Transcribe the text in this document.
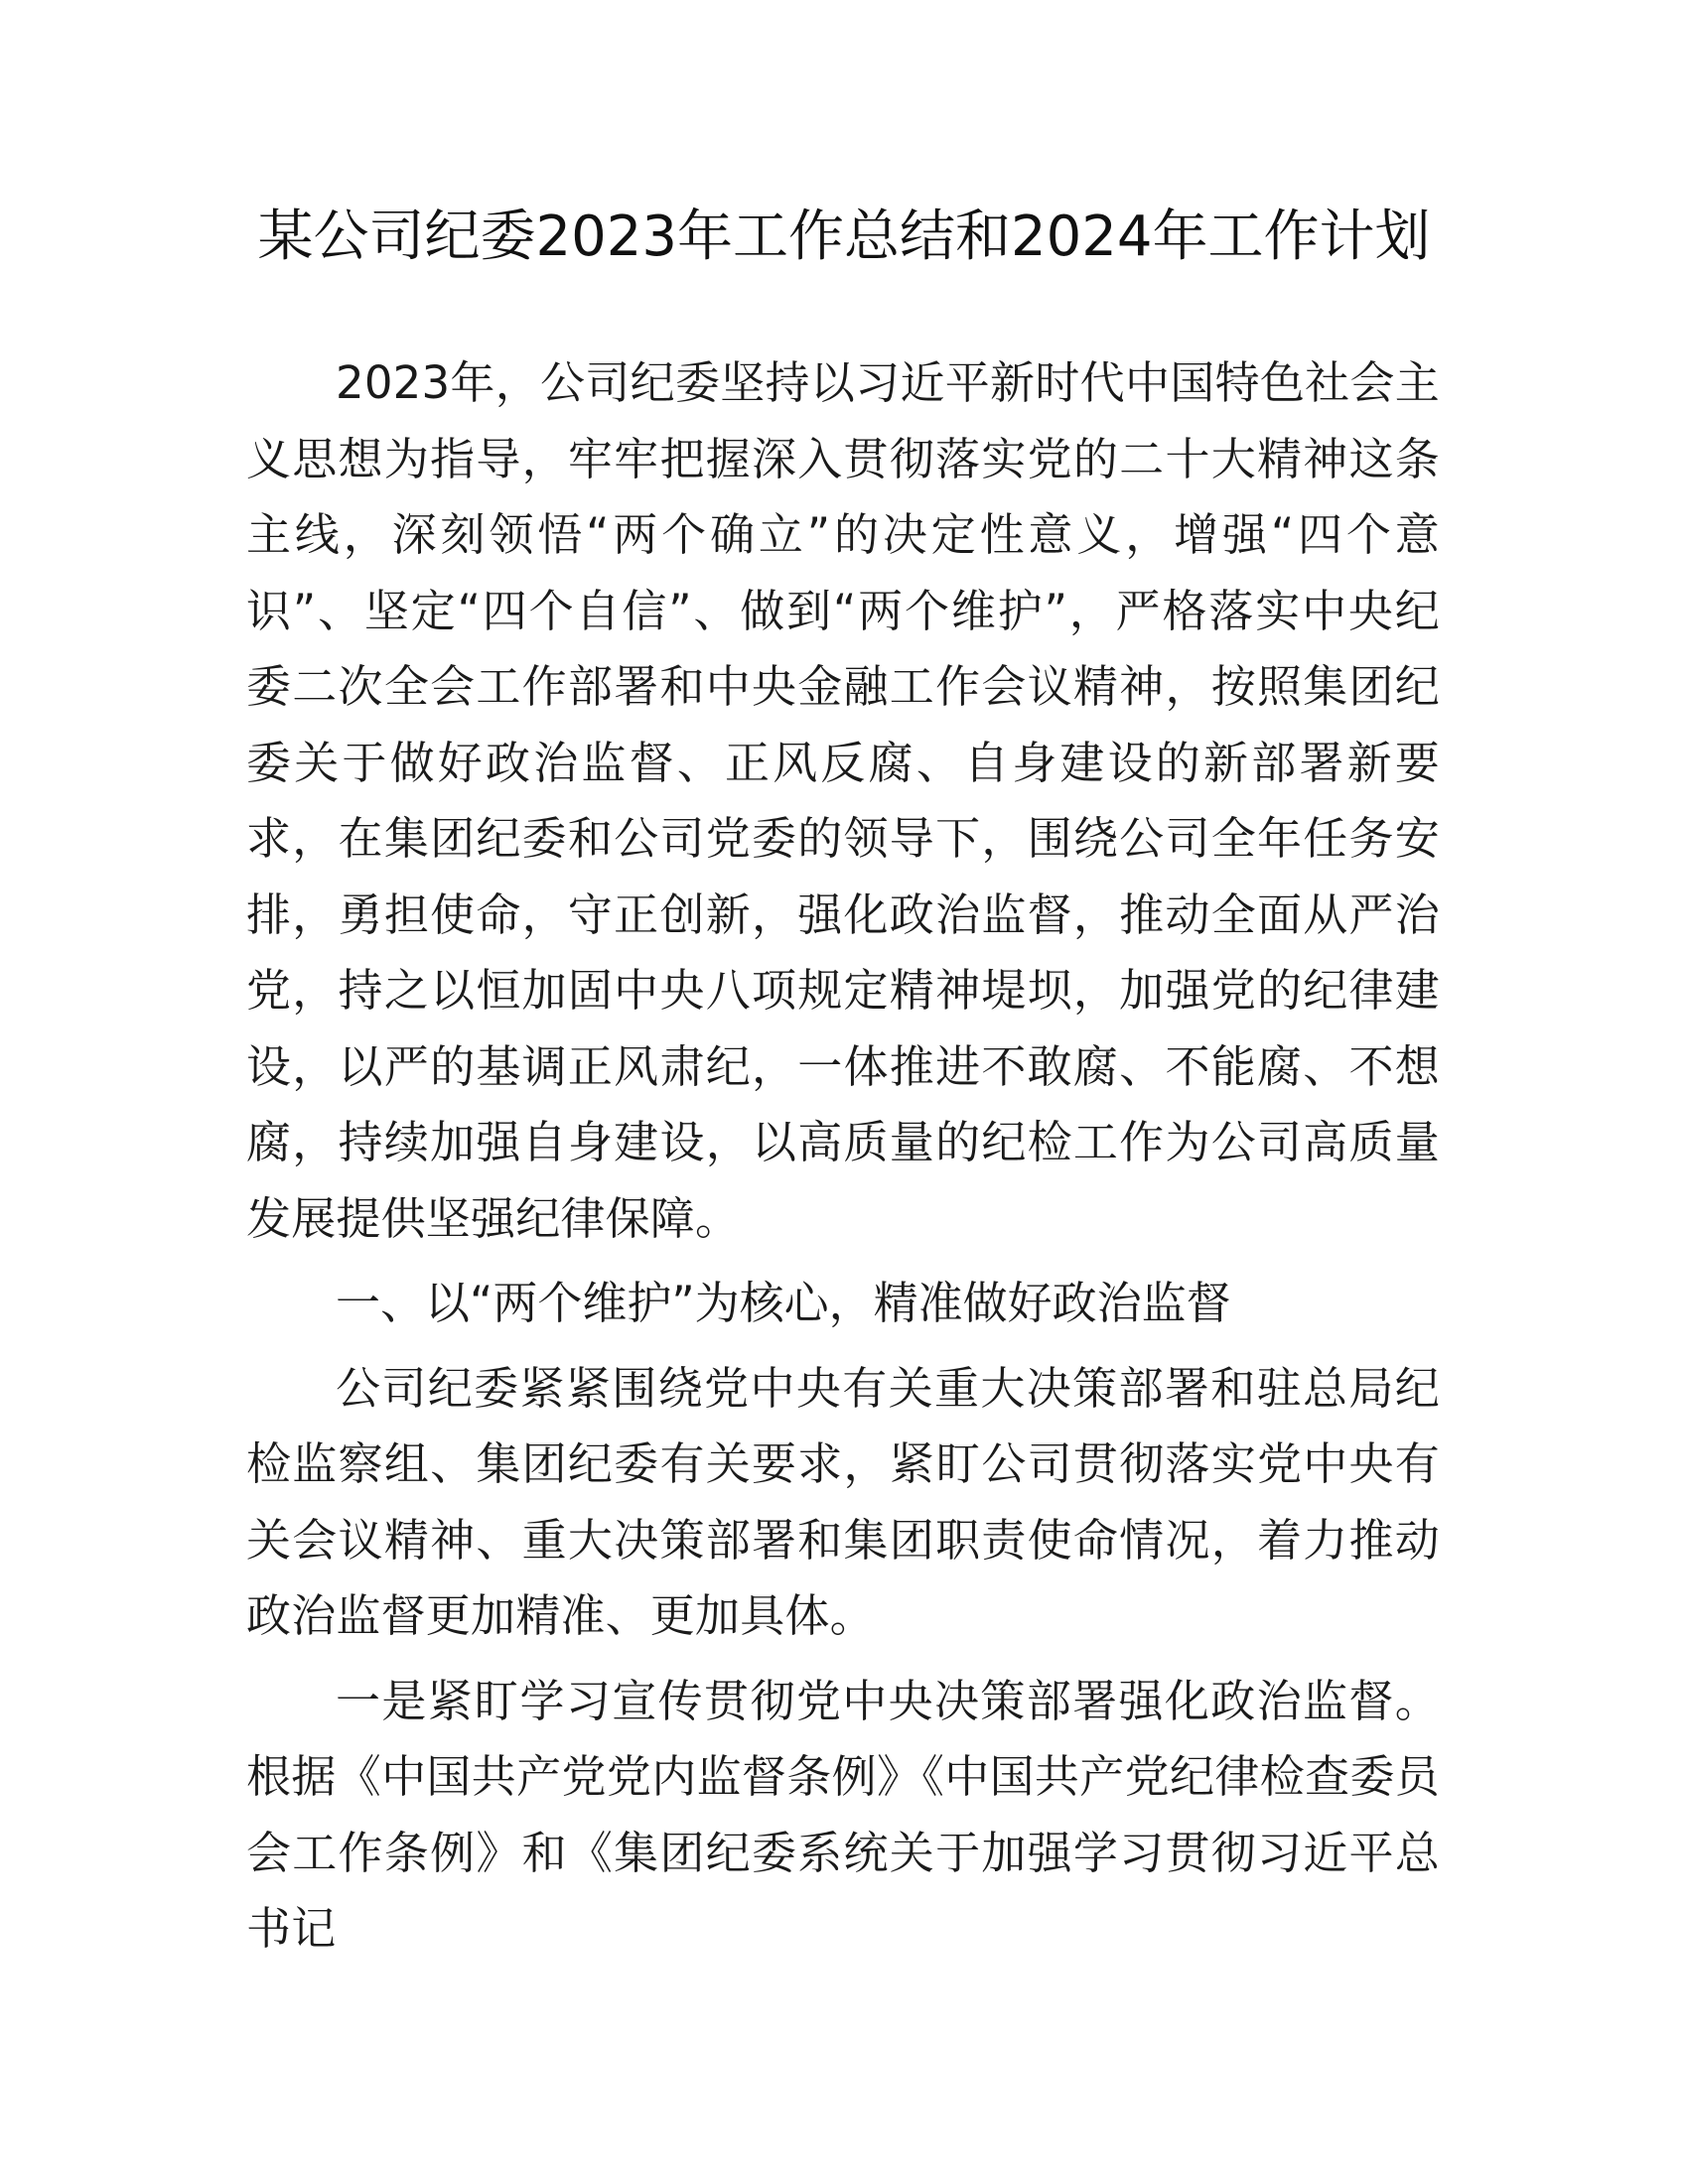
某公司纪委2023年工作总结和2024年工作计划

2023年，公司纪委坚持以习近平新时代中国特色社会主义思想为指导，牢牢把握深入贯彻落实党的二十大精神这条主线，深刻领悟“两个确立”的决定性意义，增强“四个意识”、坚定“四个自信”、做到“两个维护”，严格落实中央纪委二次全会工作部署和中央金融工作会议精神，按照集团纪委关于做好政治监督、正风反腐、自身建设的新部署新要求，在集团纪委和公司党委的领导下，围绕公司全年任务安排，勇担使命，守正创新，强化政治监督，推动全面从严治党，持之以恒加固中央八项规定精神堤坝，加强党的纪律建设，以严的基调正风肃纪，一体推进不敢腐、不能腐、不想腐，持续加强自身建设，以高质量的纪检工作为公司高质量发展提供坚强纪律保障。

一、以“两个维护”为核心，精准做好政治监督

公司纪委紧紧围绕党中央有关重大决策部署和驻总局纪检监察组、集团纪委有关要求，紧盯公司贯彻落实党中央有关会议精神、重大决策部署和集团职责使命情况，着力推动政治监督更加精准、更加具体。

一是紧盯学习宣传贯彻党中央决策部署强化政治监督。根据《中国共产党党内监督条例》《中国共产党纪律检查委员会工作条例》和《集团纪委系统关于加强学习贯彻习近平总书记
